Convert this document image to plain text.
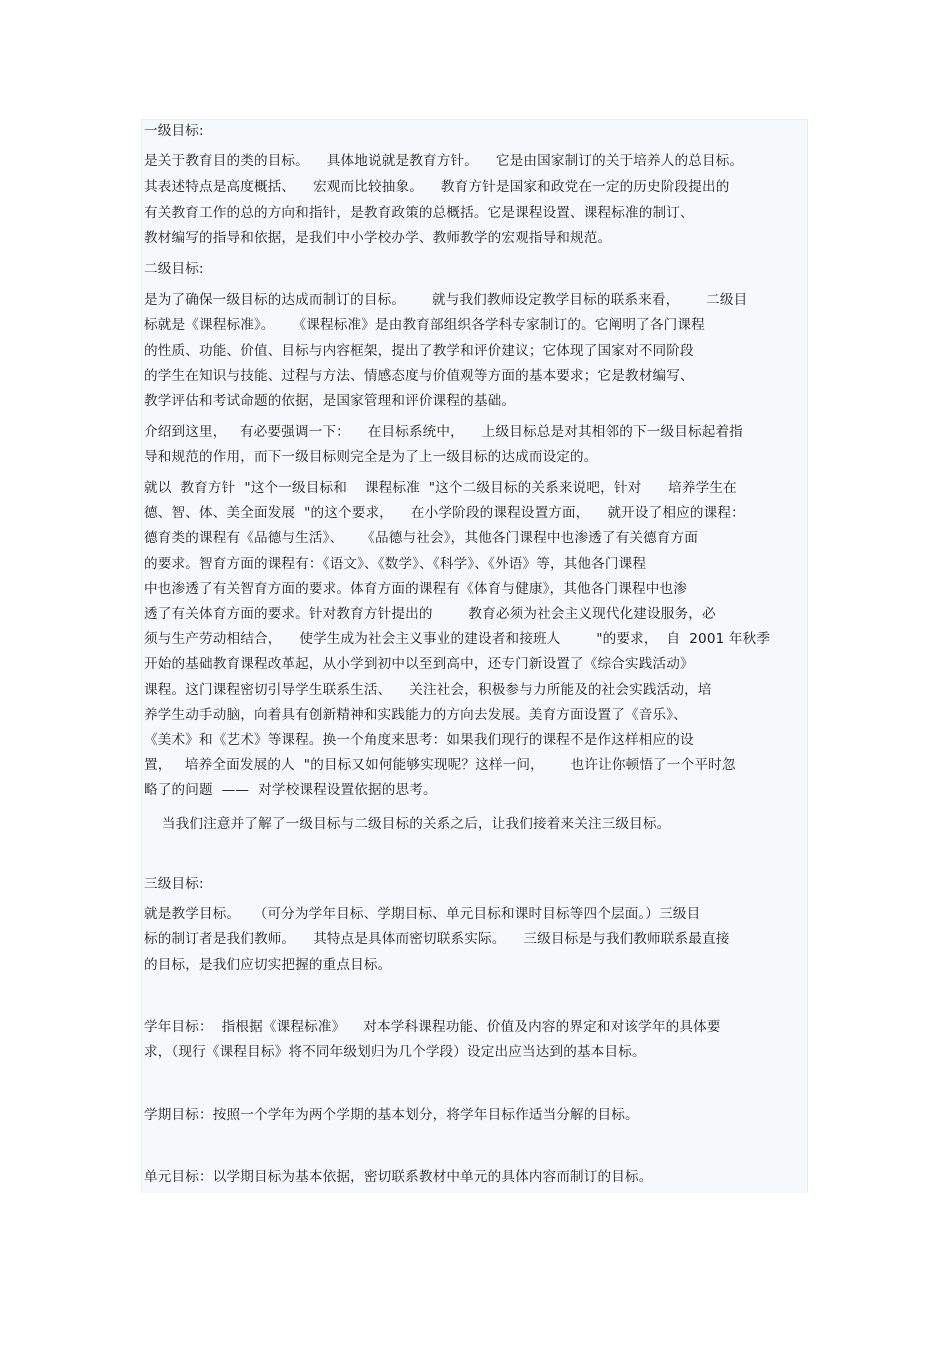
一级目标:
是关于教育目的类的目标。    具体地说就是教育方针。    它是由国家制订的关于培养人的总目标。
其表述特点是高度概括、    宏观而比较抽象。    教育方针是国家和政党在一定的历史阶段提出的
有关教育工作的总的方向和指针，是教育政策的总概括。它是课程设置、课程标准的制订、
教材编写的指导和依据，是我们中小学校办学、教师教学的宏观指导和规范。
二级目标:
是为了确保一级目标的达成而制订的目标。      就与我们教师设定教学目标的联系来看，      二级目
标就是《课程标准》。    《课程标准》是由教育部组织各学科专家制订的。它阐明了各门课程
的性质、功能、价值、目标与内容框架，提出了教学和评价建议；它体现了国家对不同阶段
的学生在知识与技能、过程与方法、情感态度与价值观等方面的基本要求；它是教材编写、
教学评估和考试命题的依据，是国家管理和评价课程的基础。
介绍到这里，   有必要强调一下：    在目标系统中，    上级目标总是对其相邻的下一级目标起着指
导和规范的作用，而下一级目标则完全是为了上一级目标的达成而设定的。
就以  教育方针  "这个一级目标和    课程标准  "这个二级目标的关系来说吧，针对      培养学生在
德、智、体、美全面发展  "的这个要求，    在小学阶段的课程设置方面，    就开设了相应的课程：
德育类的课程有《品德与生活》、    《品德与社会》，其他各门课程中也渗透了有关德育方面
的要求。智育方面的课程有：《语文》、《数学》、《科学》、《外语》等，其他各门课程
中也渗透了有关智育方面的要求。体育方面的课程有《体育与健康》，其他各门课程中也渗
透了有关体育方面的要求。针对教育方针提出的        教育必须为社会主义现代化建设服务，必
须与生产劳动相结合，    使学生成为社会主义事业的建设者和接班人        "的要求，  自  2001 年秋季
开始的基础教育课程改革起，从小学到初中以至到高中，还专门新设置了《综合实践活动》
课程。这门课程密切引导学生联系生活、    关注社会，积极参与力所能及的社会实践活动，培
养学生动手动脑，向着具有创新精神和实践能力的方向去发展。美育方面设置了《音乐》、
《美术》和《艺术》等课程。换一个角度来思考：如果我们现行的课程不是作这样相应的设
置，   培养全面发展的人  "的目标又如何能够实现呢？这样一问，      也许让你顿悟了一个平时忽
略了的问题  ——  对学校课程设置依据的思考。
当我们注意并了解了一级目标与二级目标的关系之后，让我们接着来关注三级目标。
三级目标:
就是教学目标。   （可分为学年目标、学期目标、单元目标和课时目标等四个层面。）三级目
标的制订者是我们教师。    其特点是具体而密切联系实际。    三级目标是与我们教师联系最直接
的目标，是我们应切实把握的重点目标。
学年目标：  指根据《课程标准》    对本学科课程功能、价值及内容的界定和对该学年的具体要
求，（现行《课程目标》将不同年级划归为几个学段）设定出应当达到的基本目标。
学期目标：按照一个学年为两个学期的基本划分，将学年目标作适当分解的目标。
单元目标：以学期目标为基本依据，密切联系教材中单元的具体内容而制订的目标。
